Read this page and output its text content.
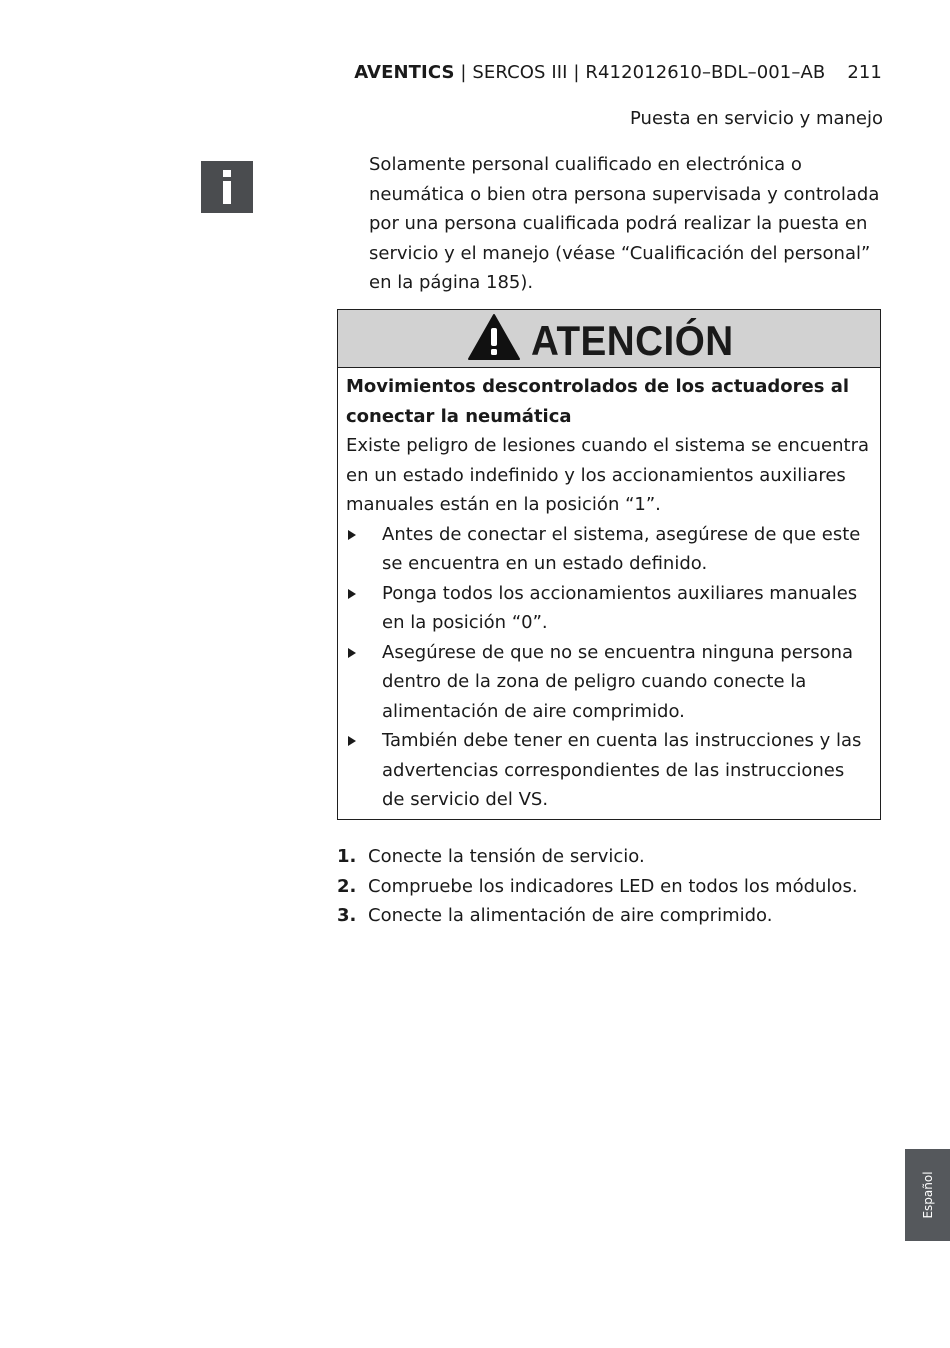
AVENTICS | SERCOS III | R412012610–BDL–001–AB 211
Puesta en servicio y manejo
Solamente personal cualificado en electrónica o neumática o bien otra persona supervisada y controlada por una persona cualificada podrá realizar la puesta en servicio y el manejo (véase “Cualificación del personal” en la página 185).
ATENCIÓN
Movimientos descontrolados de los actuadores al conectar la neumática
Existe peligro de lesiones cuando el sistema se encuentra en un estado indefinido y los accionamientos auxiliares manuales están en la posición “1”.
Antes de conectar el sistema, asegúrese de que este se encuentra en un estado definido.
Ponga todos los accionamientos auxiliares manuales en la posición “0”.
Asegúrese de que no se encuentra ninguna persona dentro de la zona de peligro cuando conecte la alimentación de aire comprimido.
También debe tener en cuenta las instrucciones y las advertencias correspondientes de las instrucciones de servicio del VS.
1. Conecte la tensión de servicio.
2. Compruebe los indicadores LED en todos los módulos.
3. Conecte la alimentación de aire comprimido.
Español
